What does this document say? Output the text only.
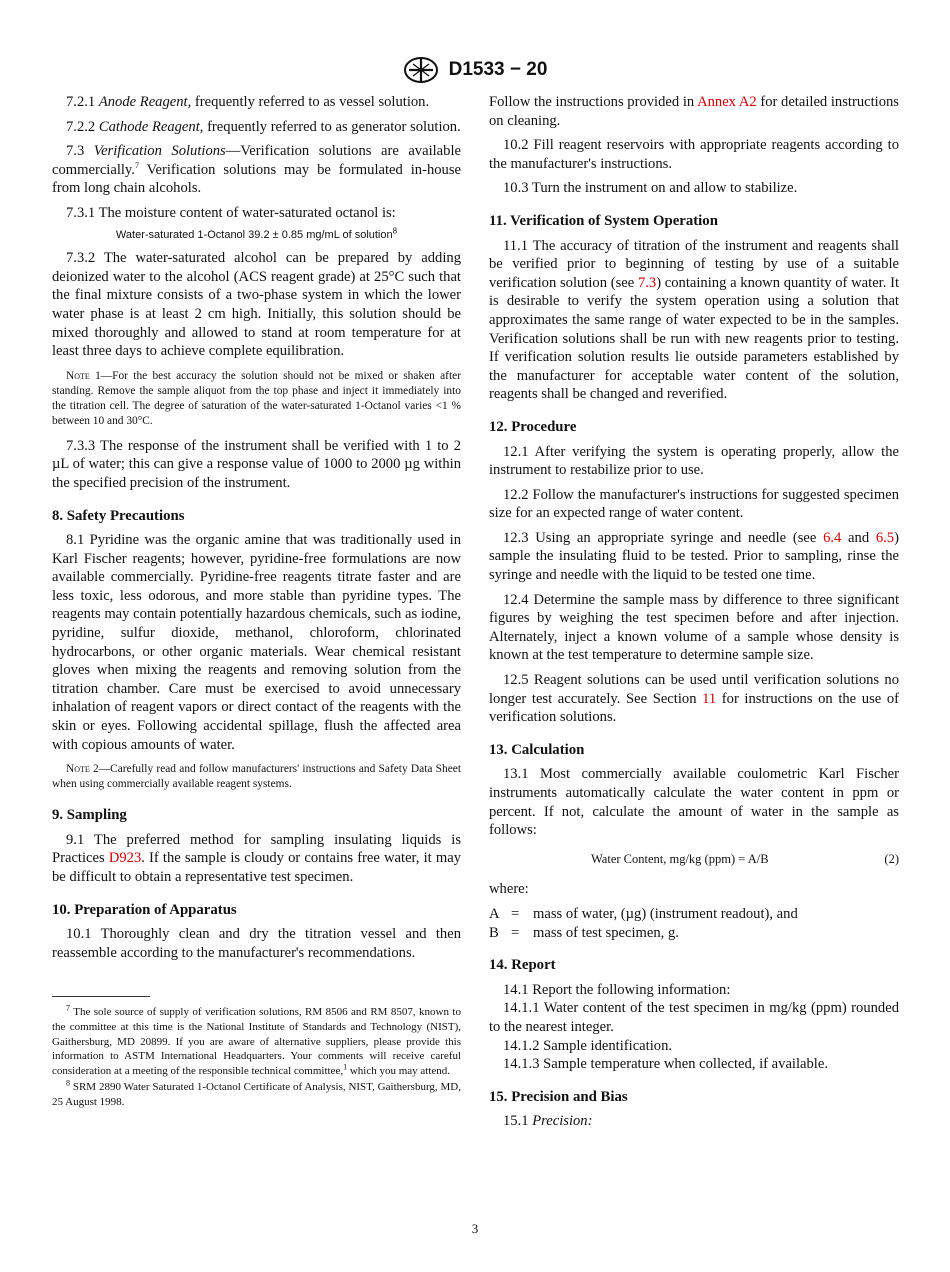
D1533 − 20

7.2.1 Anode Reagent, frequently referred to as vessel solution.

7.2.2 Cathode Reagent, frequently referred to as generator solution.

7.3 Verification Solutions—Verification solutions are available commercially.$^7$ Verification solutions may be formulated in-house from long chain alcohols.

7.3.1 The moisture content of water-saturated octanol is:

Water-saturated 1-Octanol 39.2 ± 0.85 mg/mL of solution$^8$

7.3.2 The water-saturated alcohol can be prepared by adding deionized water to the alcohol (ACS reagent grade) at 25°C such that the final mixture consists of a two-phase system in which the lower water phase is at least 2 cm high. Initially, this solution should be mixed thoroughly and allowed to stand at room temperature for at least three days to achieve complete equilibration.

Note 1—For the best accuracy the solution should not be mixed or shaken after standing. Remove the sample aliquot from the top phase and inject it immediately into the titration cell. The degree of saturation of the water-saturated 1-Octanol varies <1 % between 10 and 30°C.

7.3.3 The response of the instrument shall be verified with 1 to 2 µL of water; this can give a response value of 1000 to 2000 µg within the specified precision of the instrument.

8. Safety Precautions

8.1 Pyridine was the organic amine that was traditionally used in Karl Fischer reagents; however, pyridine-free formulations are now available commercially. Pyridine-free reagents titrate faster and are less toxic, less odorous, and more stable than pyridine types. The reagents may contain potentially hazardous chemicals, such as iodine, pyridine, sulfur dioxide, methanol, chloroform, chlorinated hydrocarbons, or other organic materials. Wear chemical resistant gloves when mixing the reagents and removing solution from the titration chamber. Care must be exercised to avoid unnecessary inhalation of reagent vapors or direct contact of the reagents with the skin or eyes. Following accidental spillage, flush the affected area with copious amounts of water.

Note 2—Carefully read and follow manufacturers' instructions and Safety Data Sheet when using commercially available reagent systems.
9. Sampling

9.1 The preferred method for sampling insulating liquids is Practices D923. If the sample is cloudy or contains free water, it may be difficult to obtain a representative test specimen.

10. Preparation of Apparatus

10.1 Thoroughly clean and dry the titration vessel and then reassemble according to the manufacturer's recommendations.

$^7$ The sole source of supply of verification solutions, RM 8506 and RM 8507, known to the committee at this time is the National Institute of Standards and Technology (NIST), Gaithersburg, MD 20899. If you are aware of alternative suppliers, please provide this information to ASTM International Headquarters. Your comments will receive careful consideration at a meeting of the responsible technical committee,$^1$ which you may attend.

$^8$ SRM 2890 Water Saturated 1-Octanol Certificate of Analysis, NIST, Gaithersburg, MD, 25 August 1998.

Follow the instructions provided in Annex A2 for detailed instructions on cleaning.

10.2 Fill reagent reservoirs with appropriate reagents according to the manufacturer's instructions.

10.3 Turn the instrument on and allow to stabilize.

11. Verification of System Operation

11.1 The accuracy of titration of the instrument and reagents shall be verified prior to beginning of testing by use of a suitable verification solution (see 7.3) containing a known quantity of water. It is desirable to verify the system operation using a solution that approximates the same range of water expected to be in the samples. Verification solutions shall be run with new reagents prior to testing. If verification solution results lie outside parameters established by the manufacturer for acceptable water content of the solution, reagents shall be changed and reverified.

12. Procedure

12.1 After verifying the system is operating properly, allow the instrument to restabilize prior to use.

12.2 Follow the manufacturer's instructions for suggested specimen size for an expected range of water content.

12.3 Using an appropriate syringe and needle (see 6.4 and 6.5) sample the insulating fluid to be tested. Prior to sampling, rinse the syringe and needle with the liquid to be tested one time.

12.4 Determine the sample mass by difference to three significant figures by weighing the test specimen before and after injection. Alternately, inject a known volume of a sample whose density is known at the test temperature to determine sample size.

12.5 Reagent solutions can be used until verification solutions no longer test accurately. See Section 11 for instructions on the use of verification solutions.

13. Calculation

13.1 Most commercially available coulometric Karl Fischer instruments automatically calculate the water content in ppm or percent. If not, calculate the amount of water in the sample as follows:

Water Content, mg/kg (ppm) = A/B	(2)

where:

A = mass of water, (µg) (instrument readout), and
B = mass of test specimen, g.
14. Report

14.1 Report the following information:

14.1.1 Water content of the test specimen in mg/kg (ppm) rounded to the nearest integer.

14.1.2 Sample identification.

14.1.3 Sample temperature when collected, if available.

15. Precision and Bias

15.1 Precision:

3
